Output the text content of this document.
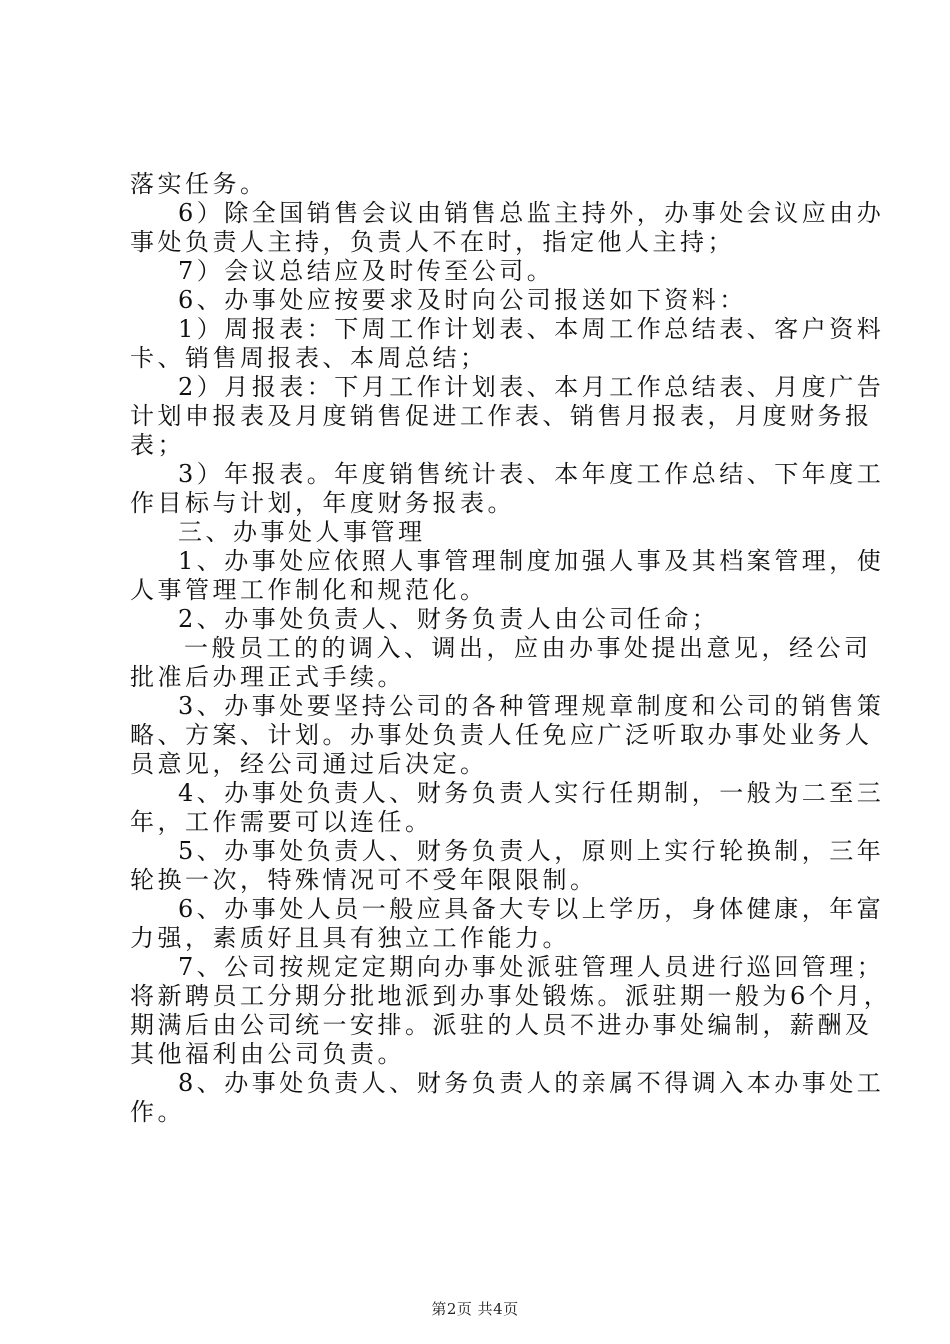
落实任务。
6）除全国销售会议由销售总监主持外，办事处会议应由办
事处负责人主持，负责人不在时，指定他人主持；
7）会议总结应及时传至公司。
6、办事处应按要求及时向公司报送如下资料：
1）周报表：下周工作计划表、本周工作总结表、客户资料
卡、销售周报表、本周总结；
2）月报表：下月工作计划表、本月工作总结表、月度广告
计划申报表及月度销售促进工作表、销售月报表，月度财务报
表；
3）年报表。年度销售统计表、本年度工作总结、下年度工
作目标与计划，年度财务报表。
三、办事处人事管理
1、办事处应依照人事管理制度加强人事及其档案管理，使
人事管理工作制化和规范化。
2、办事处负责人、财务负责人由公司任命；
一般员工的的调入、调出，应由办事处提出意见，经公司
批准后办理正式手续。
3、办事处要坚持公司的各种管理规章制度和公司的销售策
略、方案、计划。办事处负责人任免应广泛听取办事处业务人
员意见，经公司通过后决定。
4、办事处负责人、财务负责人实行任期制，一般为二至三
年，工作需要可以连任。
5、办事处负责人、财务负责人，原则上实行轮换制，三年
轮换一次，特殊情况可不受年限限制。
6、办事处人员一般应具备大专以上学历，身体健康，年富
力强，素质好且具有独立工作能力。
7、公司按规定定期向办事处派驻管理人员进行巡回管理；
将新聘员工分期分批地派到办事处锻炼。派驻期一般为6个月，
期满后由公司统一安排。派驻的人员不进办事处编制，薪酬及
其他福利由公司负责。
8、办事处负责人、财务负责人的亲属不得调入本办事处工
作。
第2页 共4页
